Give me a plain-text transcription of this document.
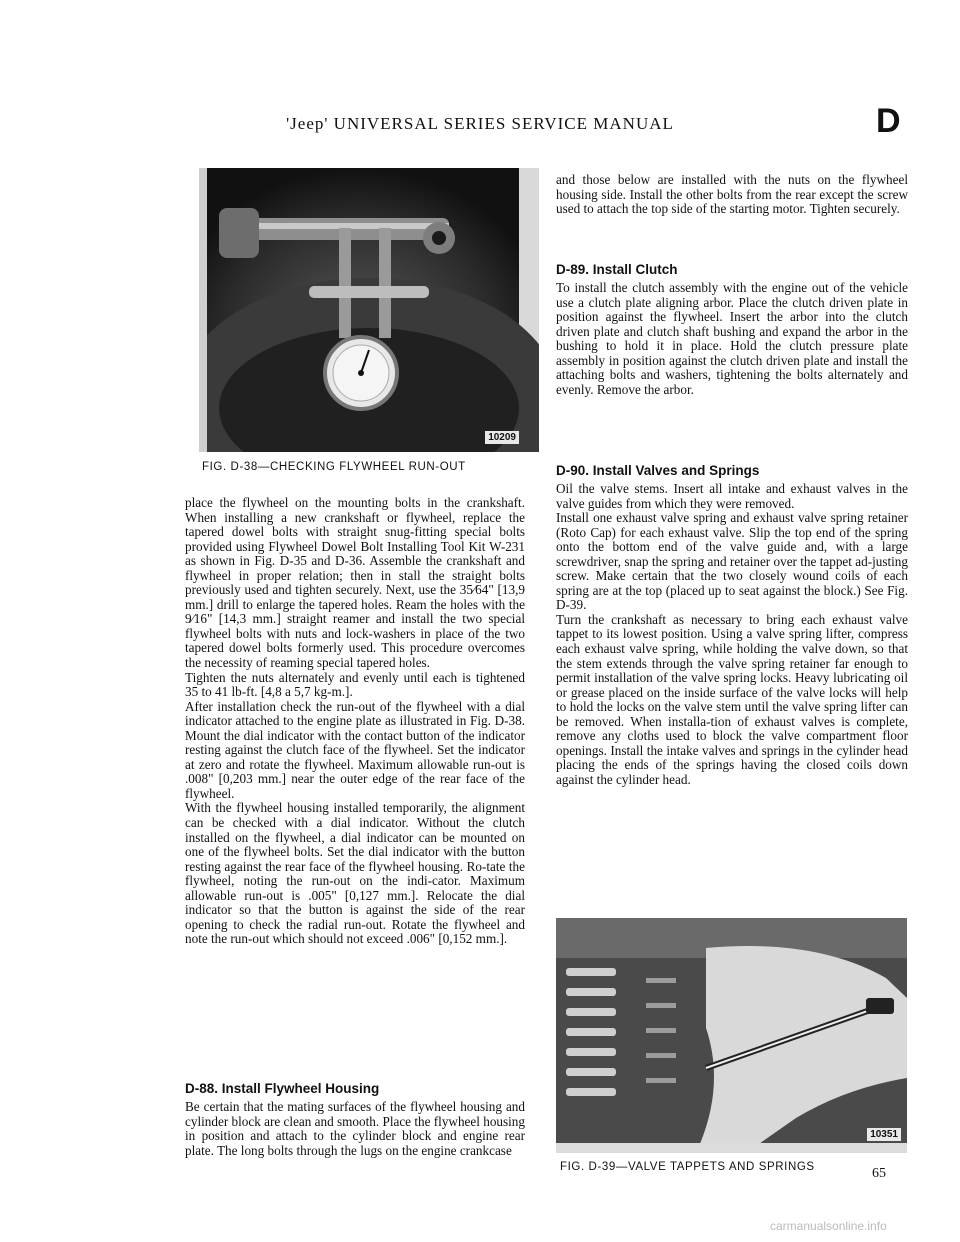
'Jeep' UNIVERSAL SERIES SERVICE MANUAL	D
10209
FIG. D-38—CHECKING FLYWHEEL RUN-OUT

place the flywheel on the mounting bolts in the crankshaft. When installing a new crankshaft or flywheel, replace the tapered dowel bolts with straight snug-fitting special bolts provided using Flywheel Dowel Bolt Installing Tool Kit W-231 as shown in Fig. D-35 and D-36. Assemble the crankshaft and flywheel in proper relation; then in stall the straight bolts previously used and tighten securely. Next, use the 35⁄64" [13,9 mm.] drill to enlarge the tapered holes. Ream the holes with the 9⁄16" [14,3 mm.] straight reamer and install the two special flywheel bolts with nuts and lock-washers in place of the two tapered dowel bolts formerly used. This procedure overcomes the necessity of reaming special tapered holes.

Tighten the nuts alternately and evenly until each is tightened 35 to 41 lb-ft. [4,8 a 5,7 kg-m.].

After installation check the run-out of the flywheel with a dial indicator attached to the engine plate as illustrated in Fig. D-38. Mount the dial indicator with the contact button of the indicator resting against the clutch face of the flywheel. Set the indicator at zero and rotate the flywheel. Maximum allowable run-out is .008" [0,203 mm.] near the outer edge of the rear face of the flywheel.

With the flywheel housing installed temporarily, the alignment can be checked with a dial indicator. Without the clutch installed on the flywheel, a dial indicator can be mounted on one of the flywheel bolts. Set the dial indicator with the button resting against the rear face of the flywheel housing. Ro-tate the flywheel, noting the run-out on the indi-cator. Maximum allowable run-out is .005" [0,127 mm.]. Relocate the dial indicator so that the button is against the side of the rear opening to check the radial run-out. Rotate the flywheel and note the run-out which should not exceed .006" [0,152 mm.].

D-88. Install Flywheel Housing

Be certain that the mating surfaces of the flywheel housing and cylinder block are clean and smooth. Place the flywheel housing in position and attach to the cylinder block and engine rear plate. The long bolts through the lugs on the engine crankcase

and those below are installed with the nuts on the flywheel housing side. Install the other bolts from the rear except the screw used to attach the top side of the starting motor. Tighten securely.

D-89. Install Clutch

To install the clutch assembly with the engine out of the vehicle use a clutch plate aligning arbor. Place the clutch driven plate in position against the flywheel. Insert the arbor into the clutch driven plate and clutch shaft bushing and expand the arbor in the bushing to hold it in place. Hold the clutch pressure plate assembly in position against the clutch driven plate and install the attaching bolts and washers, tightening the bolts alternately and evenly. Remove the arbor.

D-90. Install Valves and Springs

Oil the valve stems. Insert all intake and exhaust valves in the valve guides from which they were removed.

Install one exhaust valve spring and exhaust valve spring retainer (Roto Cap) for each exhaust valve. Slip the top end of the spring onto the bottom end of the valve guide and, with a large screwdriver, snap the spring and retainer over the tappet ad-justing screw. Make certain that the two closely wound coils of each spring are at the top (placed up to seat against the block.) See Fig. D-39.

Turn the crankshaft as necessary to bring each exhaust valve tappet to its lowest position. Using a valve spring lifter, compress each exhaust valve spring, while holding the valve down, so that the stem extends through the valve spring retainer far enough to permit installation of the valve spring locks. Heavy lubricating oil or grease placed on the inside surface of the valve locks will help to hold the locks on the valve stem until the valve spring lifter can be removed. When installa-tion of exhaust valves is complete, remove any cloths used to block the valve compartment floor openings. Install the intake valves and springs in the cylinder head placing the ends of the springs having the closed coils down against the cylinder head.

10351
FIG. D-39—VALVE TAPPETS AND SPRINGS	65
carmanualsonline.info
